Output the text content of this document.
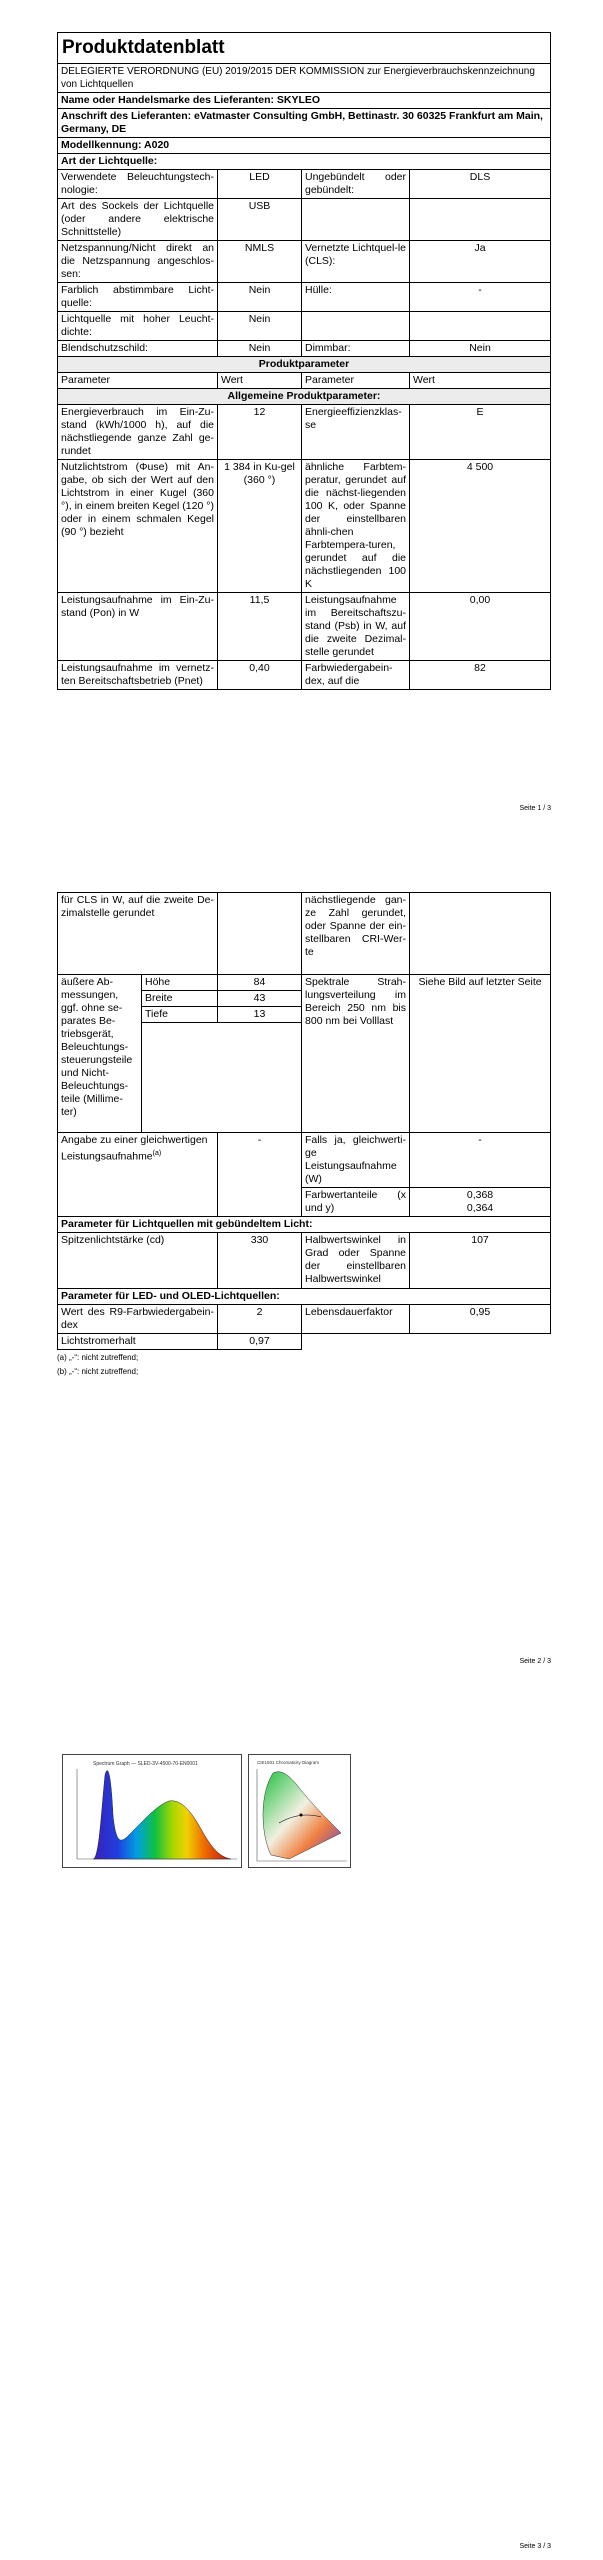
Produktdatenblatt			
DELEGIERTE VERORDNUNG (EU) 2019/2015 DER KOMMISSION zur Energieverbrauchskennzeichnung von Lichtquellen			
Name oder Handelsmarke des Lieferanten: SKYLEO			
Anschrift des Lieferanten: eVatmaster Consulting GmbH, Bettinastr. 30 60325 Frankfurt am Main, Germany, DE			
Modellkennung: A020			
Art der Lichtquelle:			
Verwendete Beleuchtungstech-nologie:	LED	Ungebündelt oder gebündelt:	DLS
Art des Sockels der Lichtquelle (oder andere elektrische Schnittstelle)	USB		
Netzspannung/Nicht direkt an die Netzspannung angeschlos-sen:	NMLS	Vernetzte Lichtquel-le (CLS):	Ja
Farblich abstimmbare Licht-quelle:	Nein	Hülle:	-
Lichtquelle mit hoher Leucht-dichte:	Nein		
Blendschutzschild:	Nein	Dimmbar:	Nein
Produktparameter			
Parameter	Wert	Parameter	Wert
Allgemeine Produktparameter:			
Energieverbrauch im Ein-Zu-stand (kWh/1000 h), auf die nächstliegende ganze Zahl ge-rundet	12	Energieeffizienzklas-se	E
Nutzlichtstrom (Φuse) mit An-gabe, ob sich der Wert auf den Lichtstrom in einer Kugel (360 °), in einem breiten Kegel (120 °) oder in einem schmalen Kegel (90 °) bezieht	1 384 in Ku-gel (360 °)	ähnliche Farbtem-peratur, gerundet auf die nächst-liegenden 100 K, oder Spanne der einstellbaren ähnli-chen Farbtempera-turen, gerundet auf die nächstliegenden 100 K	4 500
Leistungsaufnahme im Ein-Zu-stand (Pon) in W	11,5	Leistungsaufnahme im Bereitschaftszu-stand (Psb) in W, auf die zweite Dezimal-stelle gerundet	0,00
Leistungsaufnahme im vernetz-ten Bereitschaftsbetrieb (Pnet)	0,40	Farbwiedergabein-dex, auf die	82
Seite 1 / 3
für CLS in W, auf die zweite De-zimalstelle gerundet			nächstliegende gan-ze Zahl gerundet, oder Spanne der ein-stellbaren CRI-Wer-te	
äußere Ab-messungen, ggf. ohne se-parates Be-triebsgerät, Beleuchtungs-steuerungsteile und Nicht-Beleuchtungs-teile (Millime-ter)	Höhe	84	Spektrale Strah-lungsverteilung im Bereich 250 nm bis 800 nm bei Volllast	Siehe Bild auf letzter Seite
	Breite	43		
	Tiefe	13		

Angabe zu einer gleichwertigen Leistungsaufnahme$^{(a)}$		-	Falls ja, gleichwerti-ge Leistungsaufnahme (W)	-
			Farbwertanteile (x und y)	0,368
0,364
Parameter für Lichtquellen mit gebündeltem Licht:				
Spitzenlichtstärke (cd)		330	Halbwertswinkel in Grad oder Spanne der einstellbaren Halbwertswinkel	107
Parameter für LED- und OLED-Lichtquellen:				
Wert des R9-Farbwiedergabein-dex		2	Lebensdauerfaktor	0,95
Lichtstromerhalt		0,97		
(a) „-“: nicht zutreffend;
(b) „-“: nicht zutreffend;
Seite 2 / 3
Spectrum Graph — SLED-3V-4500-70-EN0001	CIE1931 Chromaticity Diagram
Seite 3 / 3
